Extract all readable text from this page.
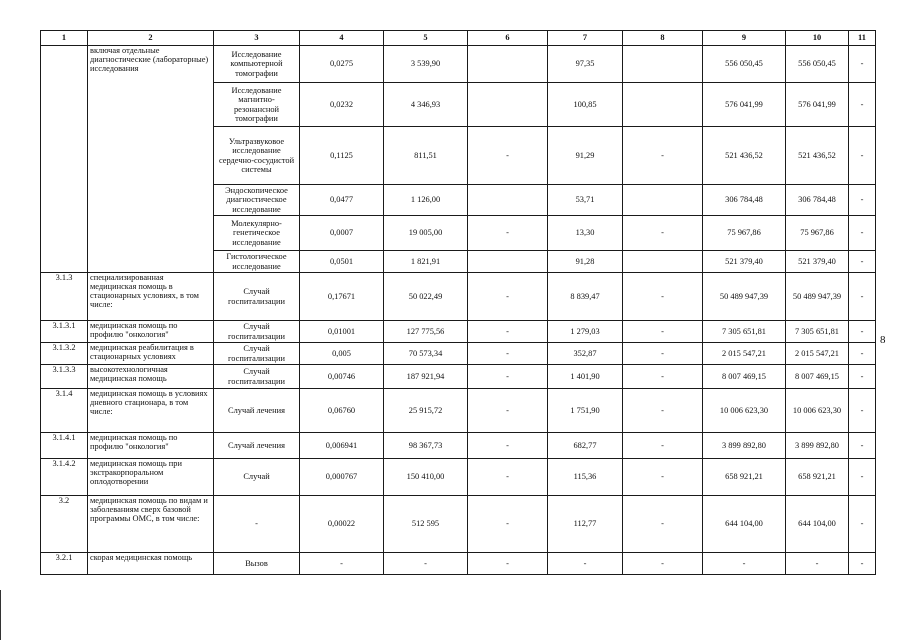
1	2	3	4	5	6	7	8	9	10	11
	включая отдельные диагностические (лабораторные) исследования	Исследование компьютерной томографии	0,0275	3 539,90		97,35		556 050,45	556 050,45	-
		Исследование магнитно-резонансной томографии	0,0232	4 346,93		100,85		576 041,99	576 041,99	-
		Ультразвуковое исследование сердечно-сосудистой системы	0,1125	811,51	-	91,29	-	521 436,52	521 436,52	-
		Эндоскопическое диагностическое исследование	0,0477	1 126,00		53,71		306 784,48	306 784,48	-
		Молекулярно-генетическое исследование	0,0007	19 005,00	-	13,30	-	75 967,86	75 967,86	-
		Гистологическое исследование	0,0501	1 821,91		91,28		521 379,40	521 379,40	-
3.1.3	специализированная медицинская помощь в стационарных условиях, в том числе:	Случай госпитализации	0,17671	50 022,49	-	8 839,47	-	50 489 947,39	50 489 947,39	-
3.1.3.1	медицинская помощь по профилю "онкология"	Случай госпитализации	0,01001	127 775,56	-	1 279,03	-	7 305 651,81	7 305 651,81	-
3.1.3.2	медицинская реабилитация в стационарных условиях	Случай госпитализации	0,005	70 573,34	-	352,87	-	2 015 547,21	2 015 547,21	-
3.1.3.3	высокотехнологичная медицинская помощь	Случай госпитализации	0,00746	187 921,94	-	1 401,90	-	8 007 469,15	8 007 469,15	-
3.1.4	медицинская помощь в условиях дневного стационара, в том числе:	Случай лечения	0,06760	25 915,72	-	1 751,90	-	10 006 623,30	10 006 623,30	-
3.1.4.1	медицинская помощь по профилю "онкология"	Случай лечения	0,006941	98 367,73	-	682,77	-	3 899 892,80	3 899 892,80	-
3.1.4.2	медицинская помощь при экстракорпоральном оплодотворении	Случай	0,000767	150 410,00	-	115,36	-	658 921,21	658 921,21	-
3.2	медицинская помощь по видам и заболеваниям сверх базовой программы ОМС, в том числе:	-	0,00022	512 595	-	112,77	-	644 104,00	644 104,00	-
3.2.1	скорая медицинская помощь	Вызов	-	-	-	-	-	-	-	-
8
